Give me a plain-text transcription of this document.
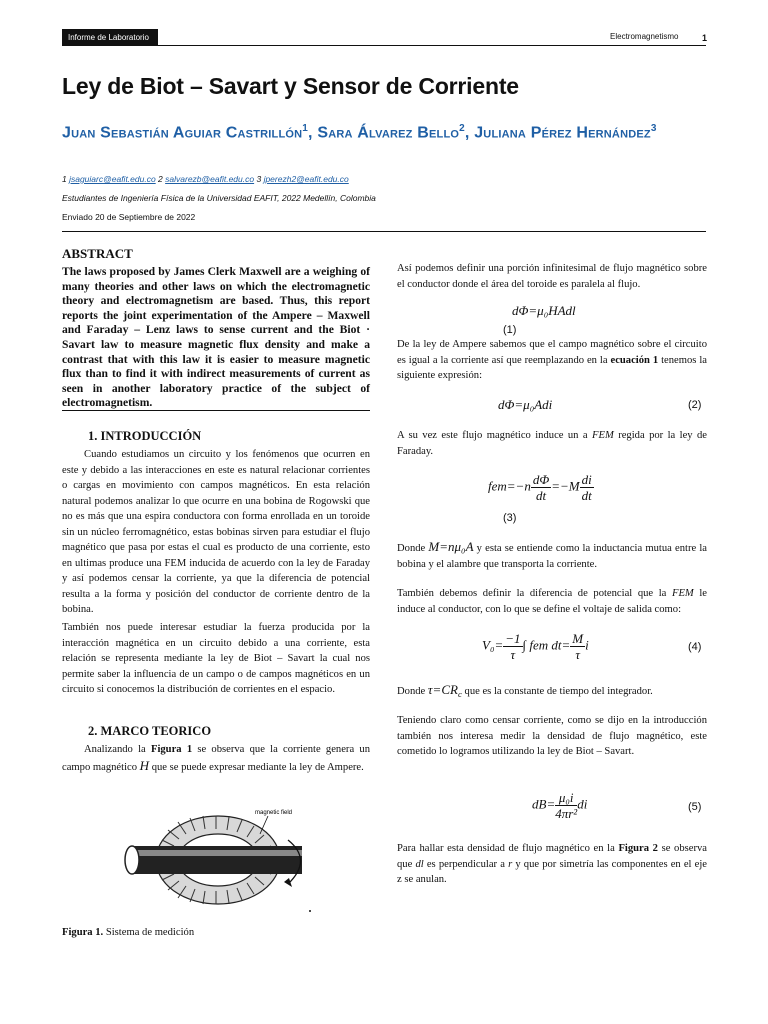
Informe de Laboratorio	Electromagnetismo	1
Ley de Biot – Savart y Sensor de Corriente
Juan Sebastián Aguiar Castrillón$^1$, Sara Álvarez Bello$^2$, Juliana Pérez Hernández$^3$
1 jsaguiarc@eafit.edu.co 2 salvarezb@eafit.edu.co 3 jperezh2@eafit.edu.co
Estudiantes de Ingeniería Física de la Universidad EAFIT, 2022 Medellín, Colombia
Enviado 20 de Septiembre de 2022
ABSTRACT
The laws proposed by James Clerk Maxwell are a weighing of many theories and other laws on which the electromagnetic theory and electromagnetism are based. Thus, this report reports the joint experimentation of the Ampere – Maxwell and Faraday – Lenz laws to sense current and the Biot · Savart law to measure magnetic flux density and make a contrast that with this law it is easier to measure magnetic flux than to find it with indirect measurements of current as seen in another laboratory practice of the subject of electromagnetism.
1. INTRODUCCIÓN
Cuando estudiamos un circuito y los fenómenos que ocurren en este y debido a las interacciones en este es natural relacionar corrientes o cargas en movimiento con campos magnéticos. En esta relación natural podemos analizar lo que ocurre en una bobina de Rogowski que no es más que una espira conductora con forma enrollada en un toroide sin un núcleo ferromagnético, estas bobinas sirven para estudiar el flujo magnético que pasa por estas el cual es producto de una corriente, esto en ultimas produce una FEM inducida de acuerdo con la ley de Faraday y así podemos censar la corriente, ya que la diferencia de potencial resulta a la forma y posición del conductor de corriente dentro de la bobina.
También nos puede interesar estudiar la fuerza producida por la interacción magnética en un circuito debido a una corriente, esta relación se representa mediante la ley de Biot – Savart la cual nos permite saber la influencia de un campo o de campos magnéticos en un circuito si conocemos la distribución de corrientes en el espacio.
2. MARCO TEORICO
Analizando la Figura 1 se observa que la corriente genera un campo magnético H que se puede expresar mediante la ley de Ampere.
magnetic field
Figura 1. Sistema de medición
Así podemos definir una porción infinitesimal de flujo magnético sobre el conductor donde el área del toroide es paralela al flujo.
dΦ=μ₀HAdl
(1)
De la ley de Ampere sabemos que el campo magnético sobre el circuito es igual a la corriente así que reemplazando en la ecuación 1 tenemos la siguiente expresión:
dΦ=μ₀Adi	(2)
A su vez este flujo magnético induce un a FEM regida por la ley de Faraday.
$fem=-n \frac{d\Phi}{dt} =-M \frac{di}{dt}$
(3)
Donde M=nμ₀A y esta se entiende como la inductancia mutua entre la bobina y el alambre que transporta la corriente.
También debemos definir la diferencia de potencial que la FEM le induce al conductor, con lo que se define el voltaje de salida como:
$V_0= \frac{-1}{\tau}$ ∫ fem $dt= \frac{M}{\tau}$ i	(4)
Donde $\tau=CR_c$ que es la constante de tiempo del integrador.
Teniendo claro como censar corriente, como se dijo en la introducción también nos interesa medir la densidad de flujo magnético, este cometido lo logramos utilizando la ley de Biot – Savart.
$dB= \frac{\text{μ₀i}}{\text{4πr²}}$ di	(5)
Para hallar esta densidad de flujo magnético en la Figura 2 se observa que dl es perpendicular a r y que por simetría las componentes en el eje z se anulan.
